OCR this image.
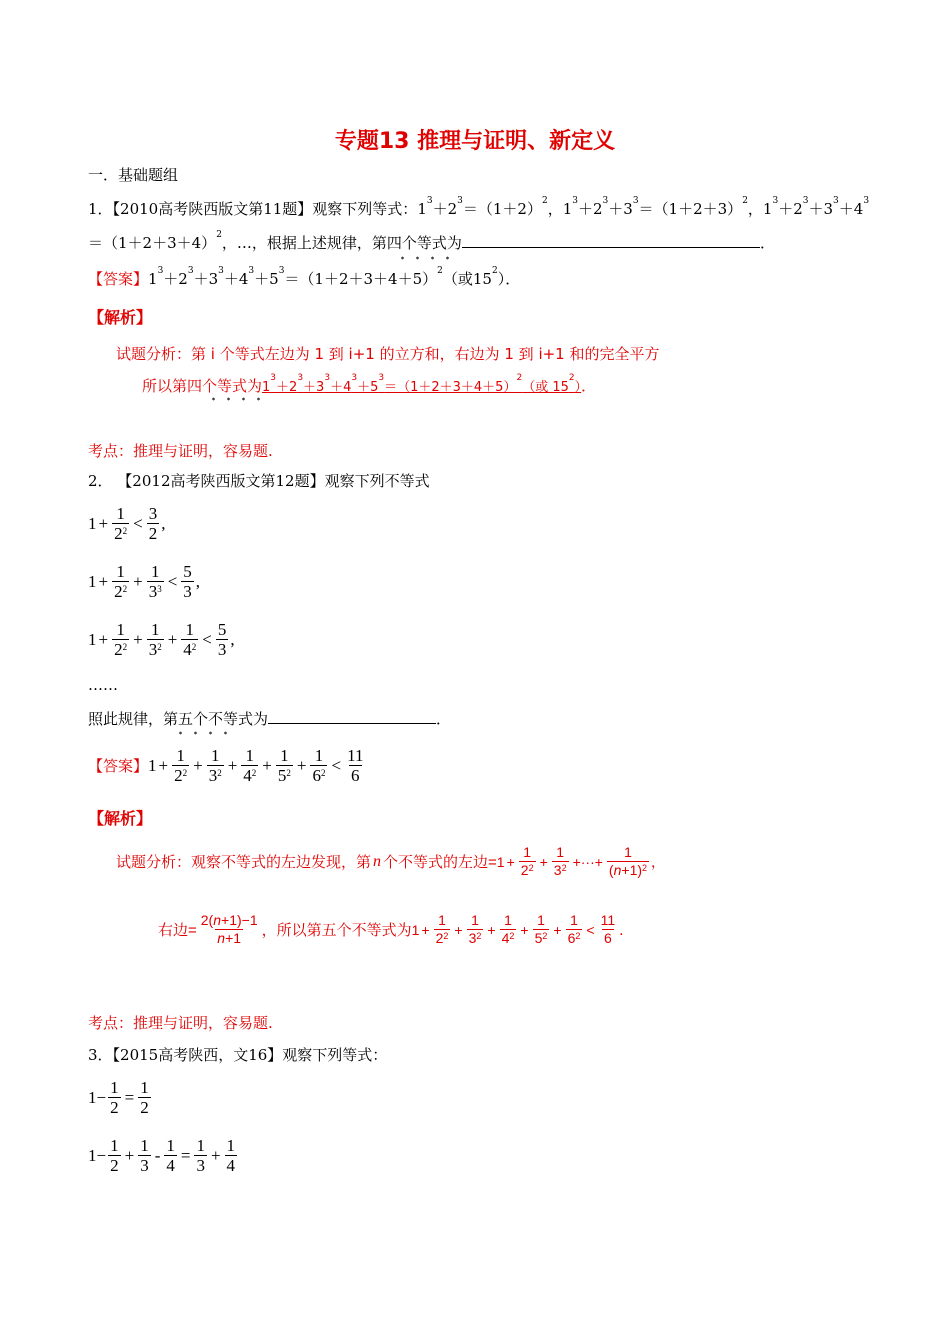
专题13 推理与证明、新定义
一．基础题组
1．【2010高考陕西版文第11题】观察下列等式：$1^3+2^3=(1+2)^2$，$1^3+2^3+3^3=(1+2+3)^2$，$1^3+2^3+3^3+4^3$
$=(1+2+3+4)^2$，…，根据上述规律，第四个等式为	．
【答案】$1^3+2^3+3^3+4^3+5^3=(1+2+3+4+5)^2$（或$15^2$）．
【解析】
试题分析：第 i 个等式左边为 1 到 i+1 的立方和，右边为 1 到 i+1 和的完全平方
所以第四个等式为$1^3+2^3+3^3+4^3+5^3=(1+2+3+4+5)^2$（或 $15^2$）．
考点：推理与证明，容易题.
2． 【2012高考陕西版文第12题】观察下列不等式
$1 + \frac{1}{2^2} < \frac{3}{2}$ ,
$1 + \frac{1}{2^2} + \frac{1}{3^3} < \frac{5}{3}$ ,
$1 + \frac{1}{2^2} + \frac{1}{3^2} + \frac{1}{4^2} < \frac{5}{3}$ ,
……
照此规律，第五个不等式为	．
【答案】 $1 + \frac{1}{2^2} + \frac{1}{3^2} + \frac{1}{4^2} + \frac{1}{5^2} + \frac{1}{6^2} < \frac{11}{6}$
【解析】
试题分析：观察不等式的左边发现，第 n 个不等式的左边= $1 + \frac{1}{2^2} + \frac{1}{3^2}$ +···+ $\frac{1}{(n+1)^2}$ ，
右边= $\frac{2(n+1)-1}{n+1}$ ，所以第五个不等式为 $1 + \frac{1}{2^2} + \frac{1}{3^2} + \frac{1}{4^2} + \frac{1}{5^2} + \frac{1}{6^2} < \frac{11}{6}$ ．
考点：推理与证明，容易题.
3．【2015高考陕西，文16】观察下列等式：
$1- \frac{1}{2} = \frac{1}{2}$
$1- \frac{1}{2} + \frac{1}{3} - \frac{1}{4} = \frac{1}{3} + \frac{1}{4}$
